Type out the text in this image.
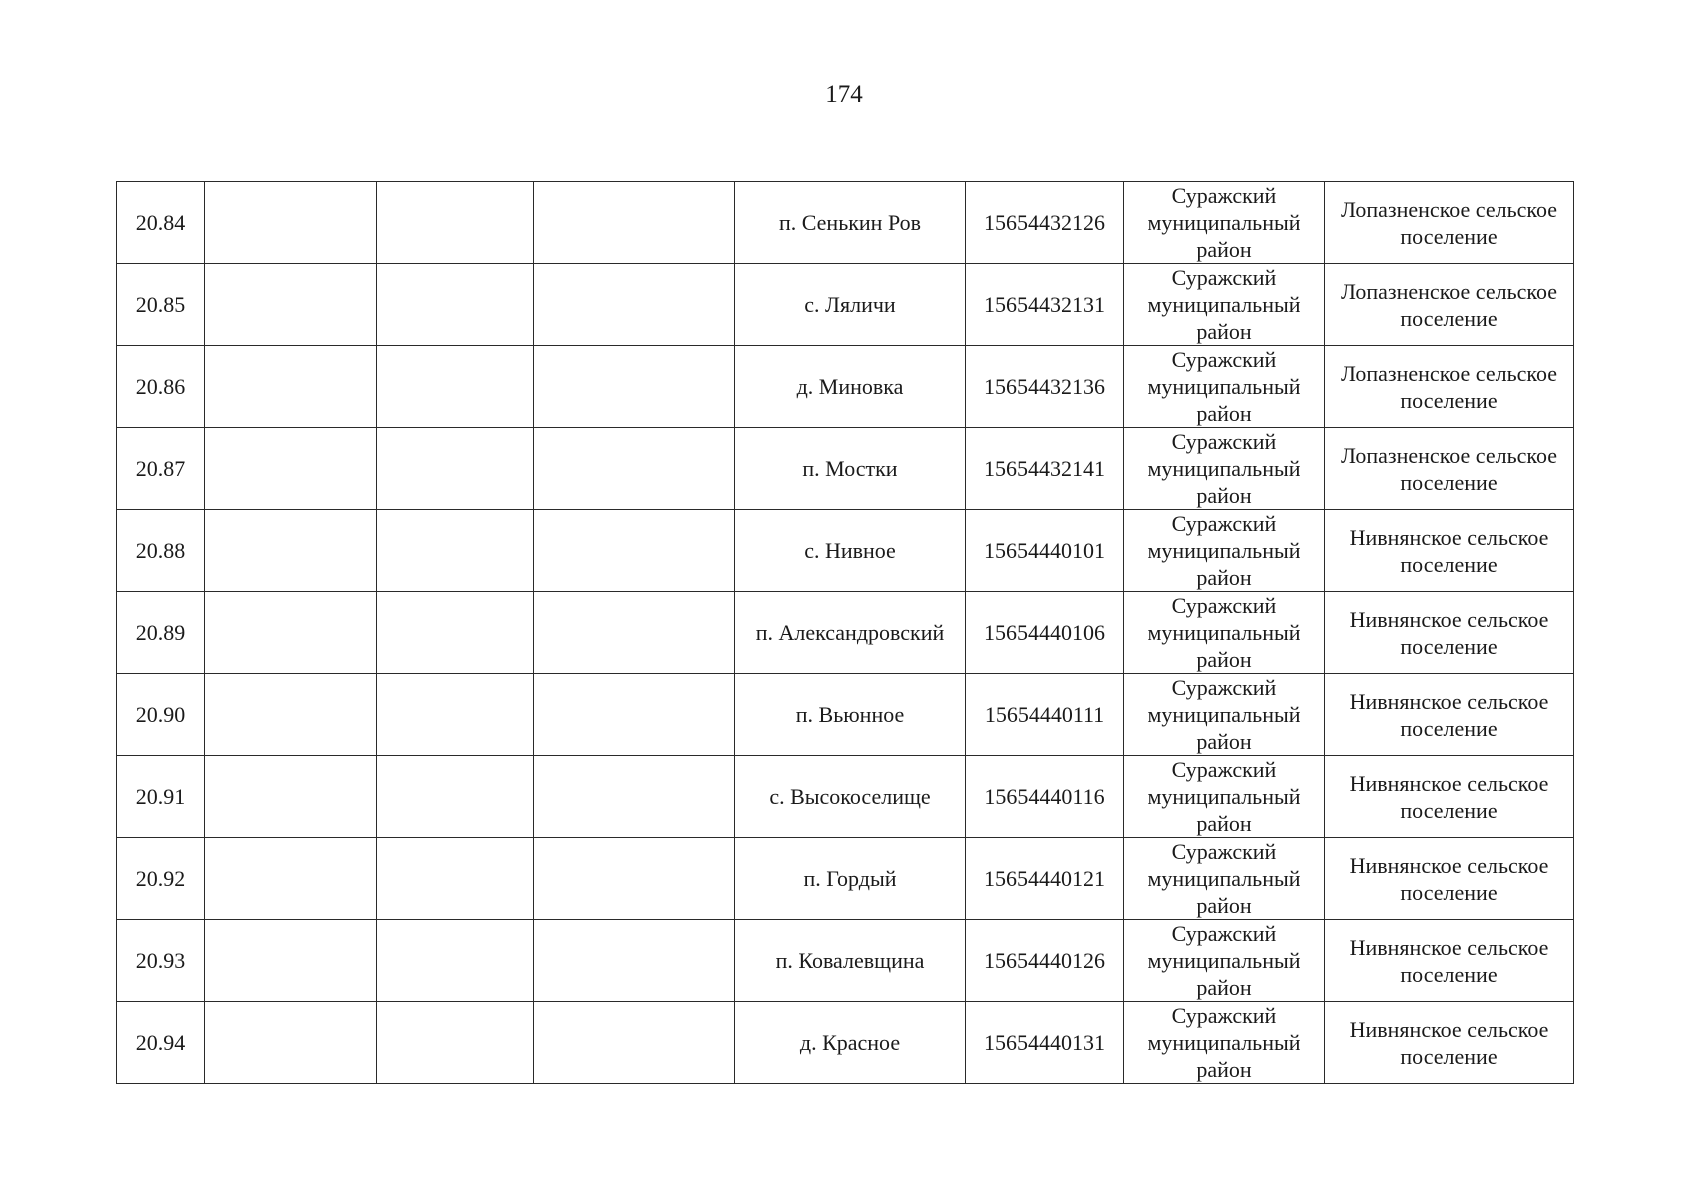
174
20.84				п. Сенькин Ров	15654432126	Суражский муниципальный район	Лопазненское сельское поселение
20.85				с. Ляличи	15654432131	Суражский муниципальный район	Лопазненское сельское поселение
20.86				д. Миновка	15654432136	Суражский муниципальный район	Лопазненское сельское поселение
20.87				п. Мостки	15654432141	Суражский муниципальный район	Лопазненское сельское поселение
20.88				с. Нивное	15654440101	Суражский муниципальный район	Нивнянское сельское поселение
20.89				п. Александровский	15654440106	Суражский муниципальный район	Нивнянское сельское поселение
20.90				п. Вьюнное	15654440111	Суражский муниципальный район	Нивнянское сельское поселение
20.91				с. Высокоселище	15654440116	Суражский муниципальный район	Нивнянское сельское поселение
20.92				п. Гордый	15654440121	Суражский муниципальный район	Нивнянское сельское поселение
20.93				п. Ковалевщина	15654440126	Суражский муниципальный район	Нивнянское сельское поселение
20.94				д. Красное	15654440131	Суражский муниципальный район	Нивнянское сельское поселение
